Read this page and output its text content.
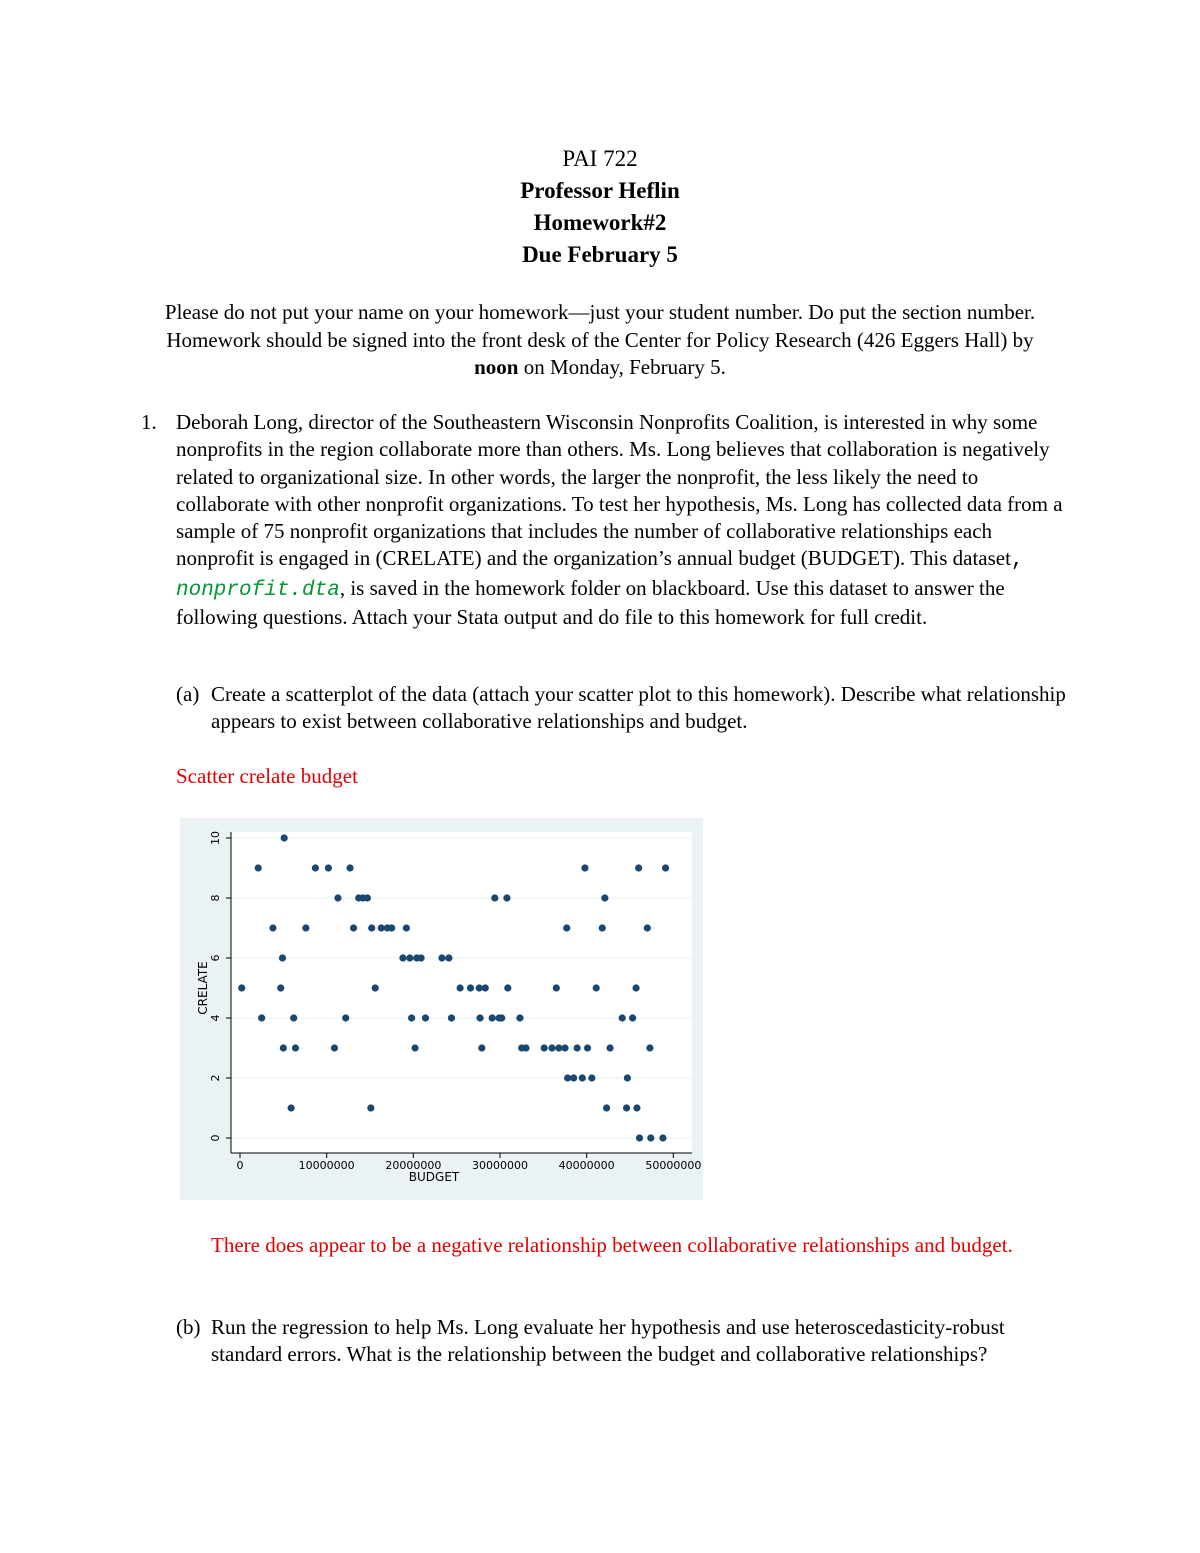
PAI 722
Professor Heflin
Homework#2
Due February 5
Please do not put your name on your homework—just your student number. Do put the section number. Homework should be signed into the front desk of the Center for Policy Research (426 Eggers Hall) by noon on Monday, February 5.
1. Deborah Long, director of the Southeastern Wisconsin Nonprofits Coalition, is interested in why some nonprofits in the region collaborate more than others. Ms. Long believes that collaboration is negatively related to organizational size. In other words, the larger the nonprofit, the less likely the need to collaborate with other nonprofit organizations. To test her hypothesis, Ms. Long has collected data from a sample of 75 nonprofit organizations that includes the number of collaborative relationships each nonprofit is engaged in (CRELATE) and the organization’s annual budget (BUDGET). This dataset, nonprofit.dta, is saved in the homework folder on blackboard. Use this dataset to answer the following questions. Attach your Stata output and do file to this homework for full credit.
(a) Create a scatterplot of the data (attach your scatter plot to this homework). Describe what relationship appears to exist between collaborative relationships and budget.
Scatter crelate budget
0
2
4
6
8
10
0	10000000	20000000	30000000	40000000	50000000
BUDGET
CRELATE
There does appear to be a negative relationship between collaborative relationships and budget.
(b) Run the regression to help Ms. Long evaluate her hypothesis and use heteroscedasticity-robust standard errors. What is the relationship between the budget and collaborative relationships?
